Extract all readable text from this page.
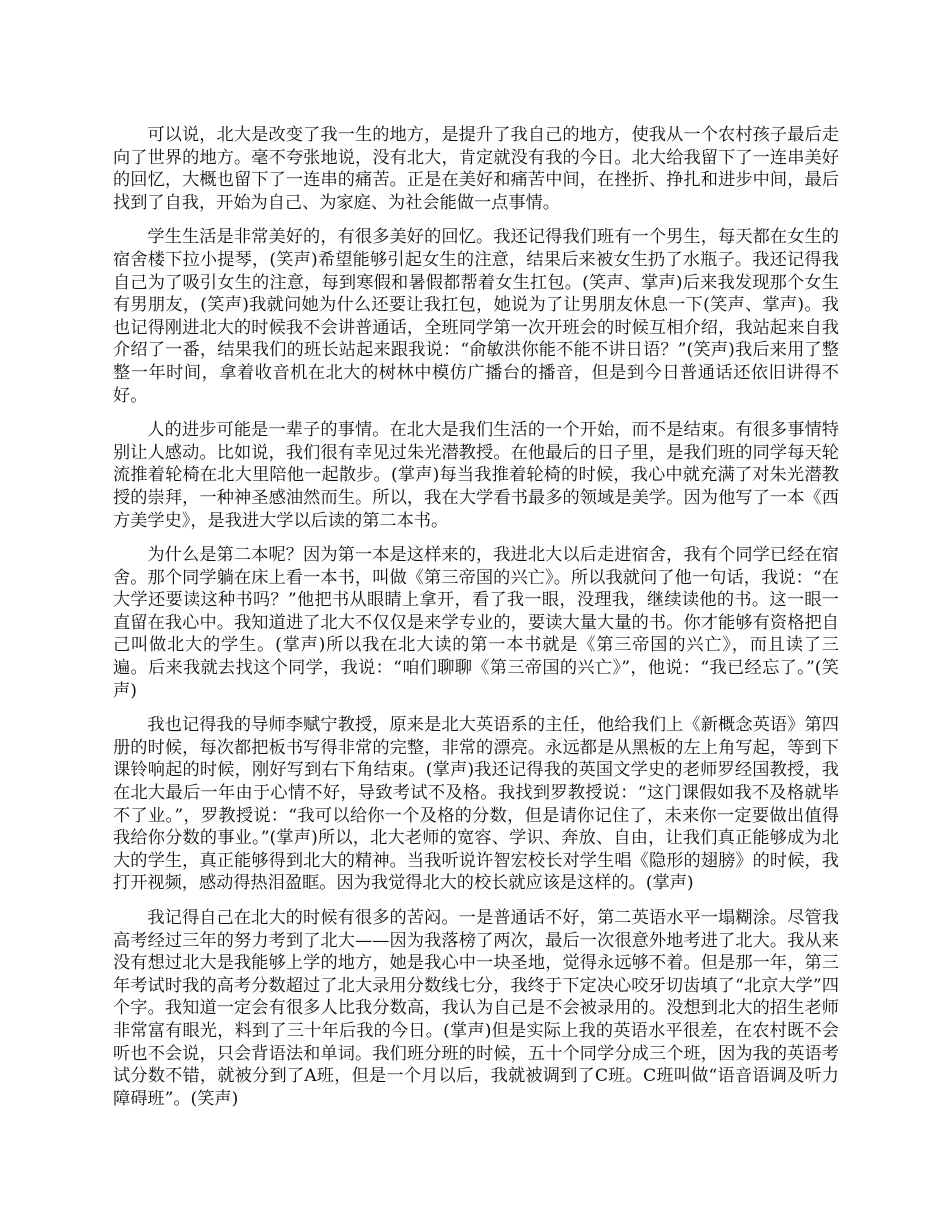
可以说，北大是改变了我一生的地方，是提升了我自己的地方，使我从一个农村孩子最后走向了世界的地方。毫不夸张地说，没有北大，肯定就没有我的今日。北大给我留下了一连串美好的回忆，大概也留下了一连串的痛苦。正是在美好和痛苦中间，在挫折、挣扎和进步中间，最后找到了自我，开始为自己、为家庭、为社会能做一点事情。

学生生活是非常美好的，有很多美好的回忆。我还记得我们班有一个男生，每天都在女生的宿舍楼下拉小提琴，(笑声)希望能够引起女生的注意，结果后来被女生扔了水瓶子。我还记得我自己为了吸引女生的注意，每到寒假和暑假都帮着女生扛包。(笑声、掌声)后来我发现那个女生有男朋友，(笑声)我就问她为什么还要让我扛包，她说为了让男朋友休息一下(笑声、掌声)。我也记得刚进北大的时候我不会讲普通话，全班同学第一次开班会的时候互相介绍，我站起来自我介绍了一番，结果我们的班长站起来跟我说：“俞敏洪你能不能不讲日语？”(笑声)我后来用了整整一年时间，拿着收音机在北大的树林中模仿广播台的播音，但是到今日普通话还依旧讲得不好。

人的进步可能是一辈子的事情。在北大是我们生活的一个开始，而不是结束。有很多事情特别让人感动。比如说，我们很有幸见过朱光潜教授。在他最后的日子里，是我们班的同学每天轮流推着轮椅在北大里陪他一起散步。(掌声)每当我推着轮椅的时候，我心中就充满了对朱光潜教授的崇拜，一种神圣感油然而生。所以，我在大学看书最多的领域是美学。因为他写了一本《西方美学史》，是我进大学以后读的第二本书。

为什么是第二本呢？因为第一本是这样来的，我进北大以后走进宿舍，我有个同学已经在宿舍。那个同学躺在床上看一本书，叫做《第三帝国的兴亡》。所以我就问了他一句话，我说：“在大学还要读这种书吗？”他把书从眼睛上拿开，看了我一眼，没理我，继续读他的书。这一眼一直留在我心中。我知道进了北大不仅仅是来学专业的，要读大量大量的书。你才能够有资格把自己叫做北大的学生。(掌声)所以我在北大读的第一本书就是《第三帝国的兴亡》，而且读了三遍。后来我就去找这个同学，我说：“咱们聊聊《第三帝国的兴亡》”，他说：“我已经忘了。”(笑声)

我也记得我的导师李赋宁教授，原来是北大英语系的主任，他给我们上《新概念英语》第四册的时候，每次都把板书写得非常的完整，非常的漂亮。永远都是从黑板的左上角写起，等到下课铃响起的时候，刚好写到右下角结束。(掌声)我还记得我的英国文学史的老师罗经国教授，我在北大最后一年由于心情不好，导致考试不及格。我找到罗教授说：“这门课假如我不及格就毕不了业。”，罗教授说：“我可以给你一个及格的分数，但是请你记住了，未来你一定要做出值得我给你分数的事业。”(掌声)所以，北大老师的宽容、学识、奔放、自由，让我们真正能够成为北大的学生，真正能够得到北大的精神。当我听说许智宏校长对学生唱《隐形的翅膀》的时候，我打开视频，感动得热泪盈眶。因为我觉得北大的校长就应该是这样的。(掌声)

我记得自己在北大的时候有很多的苦闷。一是普通话不好，第二英语水平一塌糊涂。尽管我高考经过三年的努力考到了北大——因为我落榜了两次，最后一次很意外地考进了北大。我从来没有想过北大是我能够上学的地方，她是我心中一块圣地，觉得永远够不着。但是那一年，第三年考试时我的高考分数超过了北大录用分数线七分，我终于下定决心咬牙切齿填了“北京大学”四个字。我知道一定会有很多人比我分数高，我认为自己是不会被录用的。没想到北大的招生老师非常富有眼光，料到了三十年后我的今日。(掌声)但是实际上我的英语水平很差，在农村既不会听也不会说，只会背语法和单词。我们班分班的时候，五十个同学分成三个班，因为我的英语考试分数不错，就被分到了A班，但是一个月以后，我就被调到了C班。C班叫做“语音语调及听力障碍班”。(笑声)
